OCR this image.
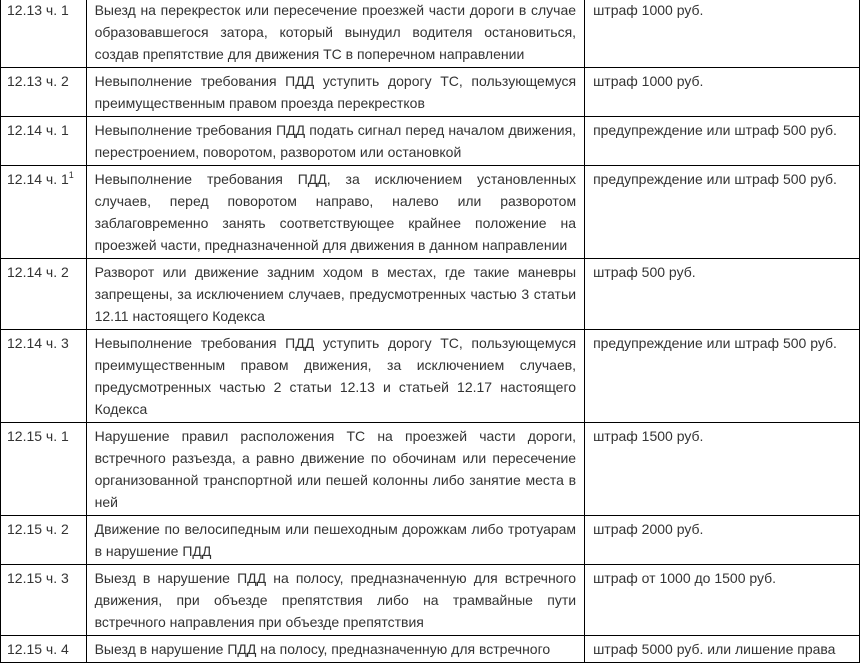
12.13 ч. 1	Выезд на перекресток или пересечение проезжей части дороги в случае образовавшегося затора, который вынудил водителя остановиться, создав препятствие для движения ТС в поперечном направлении	штраф 1000 руб.
12.13 ч. 2	Невыполнение требования ПДД уступить дорогу ТС, пользующемуся преимущественным правом проезда перекрестков	штраф 1000 руб.
12.14 ч. 1	Невыполнение требования ПДД подать сигнал перед началом движения, перестроением, поворотом, разворотом или остановкой	предупреждение или штраф 500 руб.
12.14 ч. $1^1$	Невыполнение требования ПДД, за исключением установленных случаев, перед поворотом направо, налево или разворотом заблаговременно занять соответствующее крайнее положение на проезжей части, предназначенной для движения в данном направлении	предупреждение или штраф 500 руб.
12.14 ч. 2	Разворот или движение задним ходом в местах, где такие маневры запрещены, за исключением случаев, предусмотренных частью 3 статьи 12.11 настоящего Кодекса	штраф 500 руб.
12.14 ч. 3	Невыполнение требования ПДД уступить дорогу ТС, пользующемуся преимущественным правом движения, за исключением случаев, предусмотренных частью 2 статьи 12.13 и статьей 12.17 настоящего Кодекса	предупреждение или штраф 500 руб.
12.15 ч. 1	Нарушение правил расположения ТС на проезжей части дороги, встречного разъезда, а равно движение по обочинам или пересечение организованной транспортной или пешей колонны либо занятие места в ней	штраф 1500 руб.
12.15 ч. 2	Движение по велосипедным или пешеходным дорожкам либо тротуарам в нарушение ПДД	штраф 2000 руб.
12.15 ч. 3	Выезд в нарушение ПДД на полосу, предназначенную для встречного движения, при объезде препятствия либо на трамвайные пути встречного направления при объезде препятствия	штраф от 1000 до 1500 руб.
12.15 ч. 4	Выезд в нарушение ПДД на полосу, предназначенную для встречного	штраф 5000 руб. или лишение права
